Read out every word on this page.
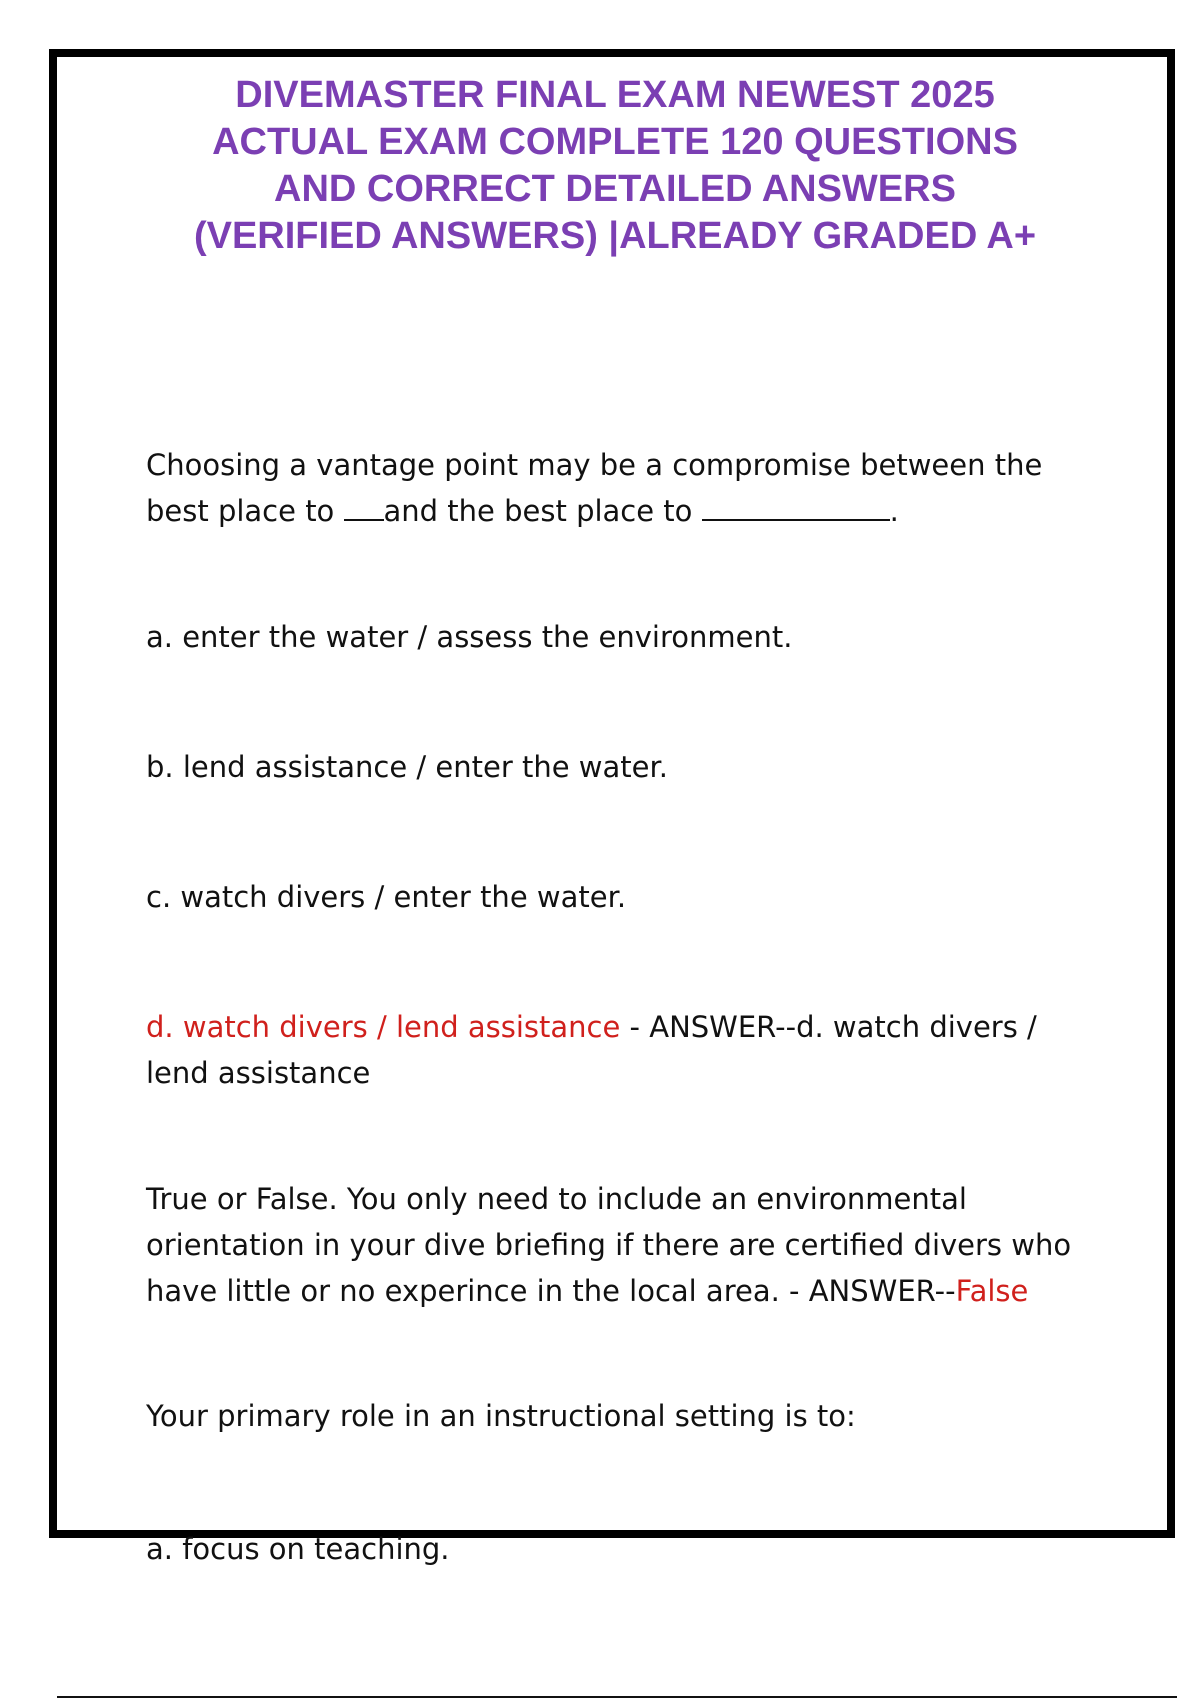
DIVEMASTER FINAL EXAM NEWEST 2025
ACTUAL EXAM COMPLETE 120 QUESTIONS
AND CORRECT DETAILED ANSWERS
(VERIFIED ANSWERS) |ALREADY GRADED A+
Choosing a vantage point may be a compromise between the
best place to and the best place to	.
a. enter the water / assess the environment.
b. lend assistance / enter the water.
c. watch divers / enter the water.
d. watch divers / lend assistance - ANSWER--d. watch divers / lend assistance
True or False. You only need to include an environmental orientation in your dive briefing if there are certified divers who have little or no experince in the local area. - ANSWER--False
Your primary role in an instructional setting is to:
a. focus on teaching.
